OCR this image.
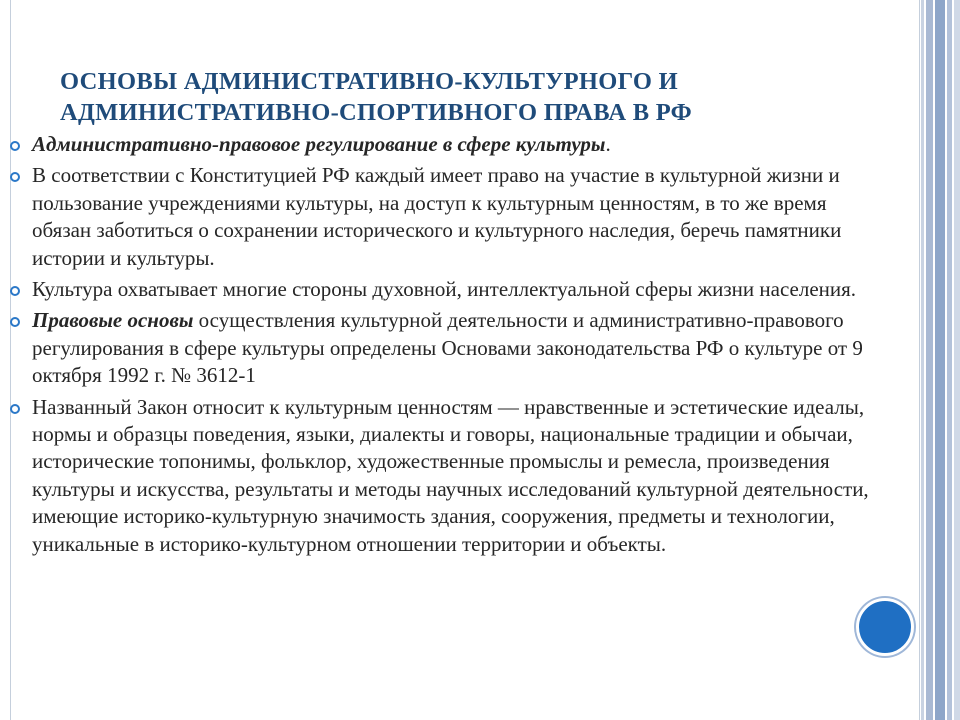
ОСНОВЫ АДМИНИСТРАТИВНО-КУЛЬТУРНОГО И
АДМИНИСТРАТИВНО-СПОРТИВНОГО ПРАВА В РФ
Административно-правовое регулирование в сфере культуры.
В соответствии с Конституцией РФ каждый имеет право на участие в культурной жизни и пользование учреждениями культуры, на доступ к культурным ценностям, в то же время обязан заботиться о сохранении исторического и культурного наследия, беречь памятники истории и культуры.
Культура охватывает многие стороны духовной, интеллектуальной сферы жизни населения.
Правовые основы осуществления культурной деятельности и административно-правового регулирования в сфере культуры определены Основами законодательства РФ о культуре от 9 октября 1992 г. № 3612-1
Названный Закон относит к культурным ценностям — нравственные и эстетические идеалы, нормы и образцы поведения, языки, диалекты и говоры, национальные традиции и обычаи, исторические топонимы, фольклор, художественные промыслы и ремесла, произведения культуры и искусства, результаты и методы научных исследований культурной деятельности, имеющие историко-культурную значимость здания, сооружения, предметы и технологии, уникальные в историко-культурном отношении территории и объекты.
